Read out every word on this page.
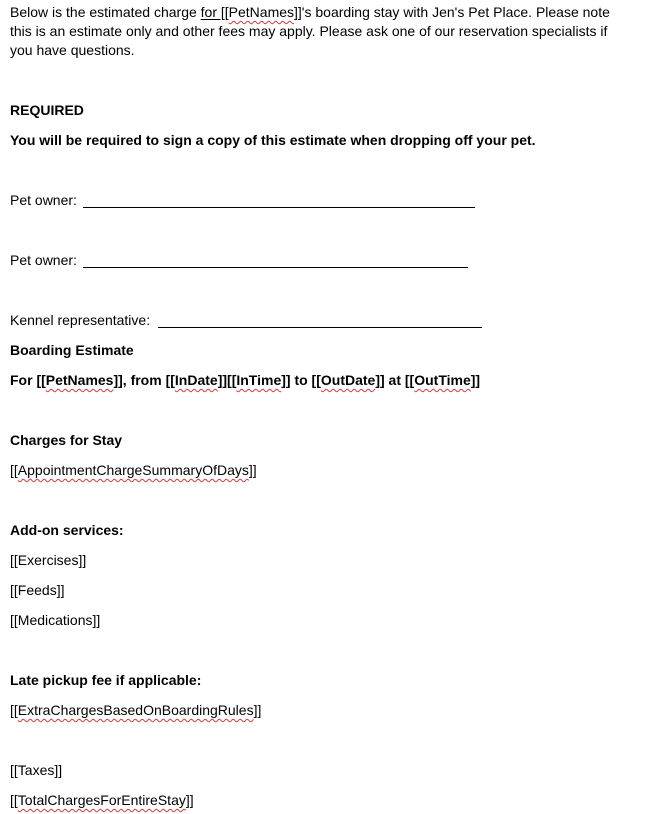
Below is the estimated charge for [[PetNames]]'s boarding stay with Jen's Pet Place. Please note this is an estimate only and other fees may apply. Please ask one of our reservation specialists if you have questions.
REQUIRED
You will be required to sign a copy of this estimate when dropping off your pet.
Pet owner:
Pet owner:
Kennel representative:
Boarding Estimate
For [[PetNames]], from [[InDate]][[InTime]] to [[OutDate]] at [[OutTime]]
Charges for Stay
[[AppointmentChargeSummaryOfDays]]
Add-on services:
[[Exercises]]
[[Feeds]]
[[Medications]]
Late pickup fee if applicable:
[[ExtraChargesBasedOnBoardingRules]]
[[Taxes]]
[[TotalChargesForEntireStay]]
